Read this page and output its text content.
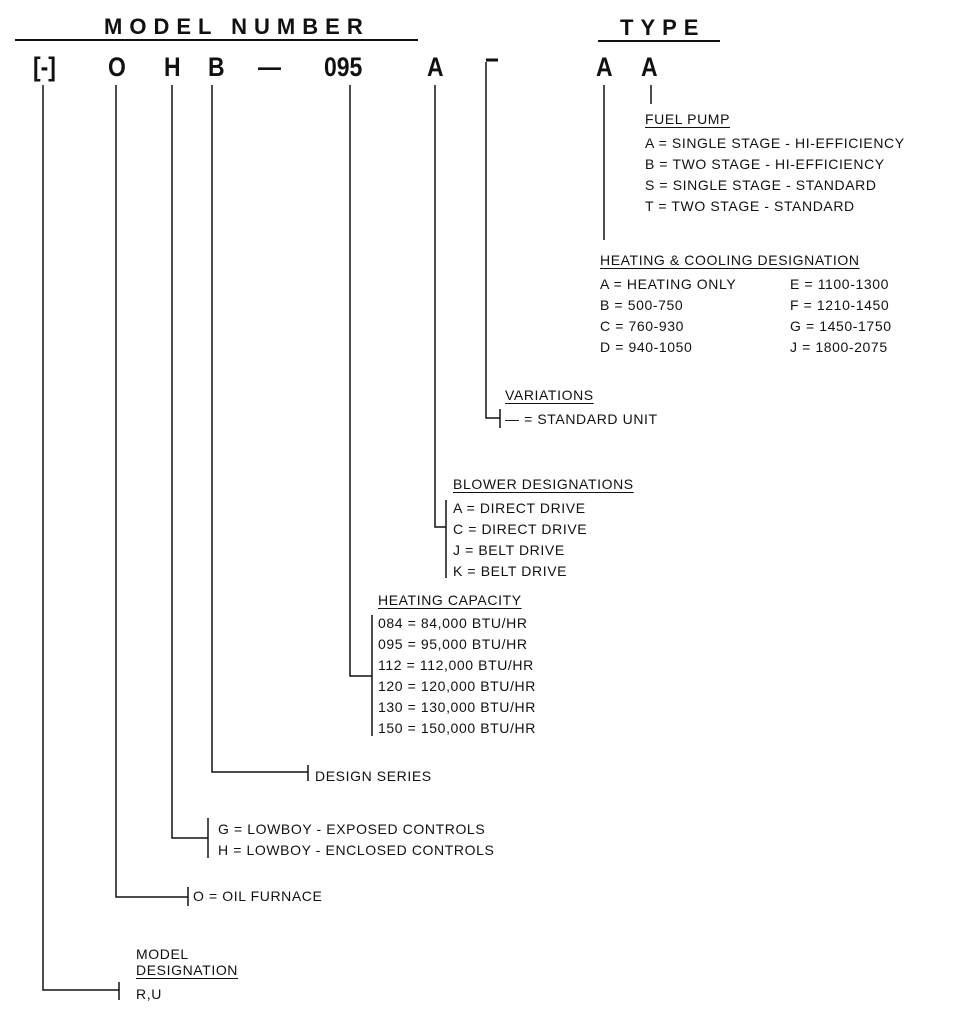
MODEL NUMBER	TYPE
[-] O H B — 095 A	A A
FUEL PUMP
A = SINGLE STAGE - HI-EFFICIENCY
B = TWO STAGE - HI-EFFICIENCY
S = SINGLE STAGE - STANDARD
T = TWO STAGE - STANDARD
HEATING & COOLING DESIGNATION
A = HEATING ONLY
B = 500-750
C = 760-930
D = 940-1050
E = 1100-1300
F = 1210-1450
G = 1450-1750
J = 1800-2075
VARIATIONS
— = STANDARD UNIT
BLOWER DESIGNATIONS
A = DIRECT DRIVE
C = DIRECT DRIVE
J = BELT DRIVE
K = BELT DRIVE
HEATING CAPACITY
084 = 84,000 BTU/HR
095 = 95,000 BTU/HR
112 = 112,000 BTU/HR
120 = 120,000 BTU/HR
130 = 130,000 BTU/HR
150 = 150,000 BTU/HR
DESIGN SERIES
G = LOWBOY - EXPOSED CONTROLS
H = LOWBOY - ENCLOSED CONTROLS
O = OIL FURNACE
MODEL
DESIGNATION
R,U
